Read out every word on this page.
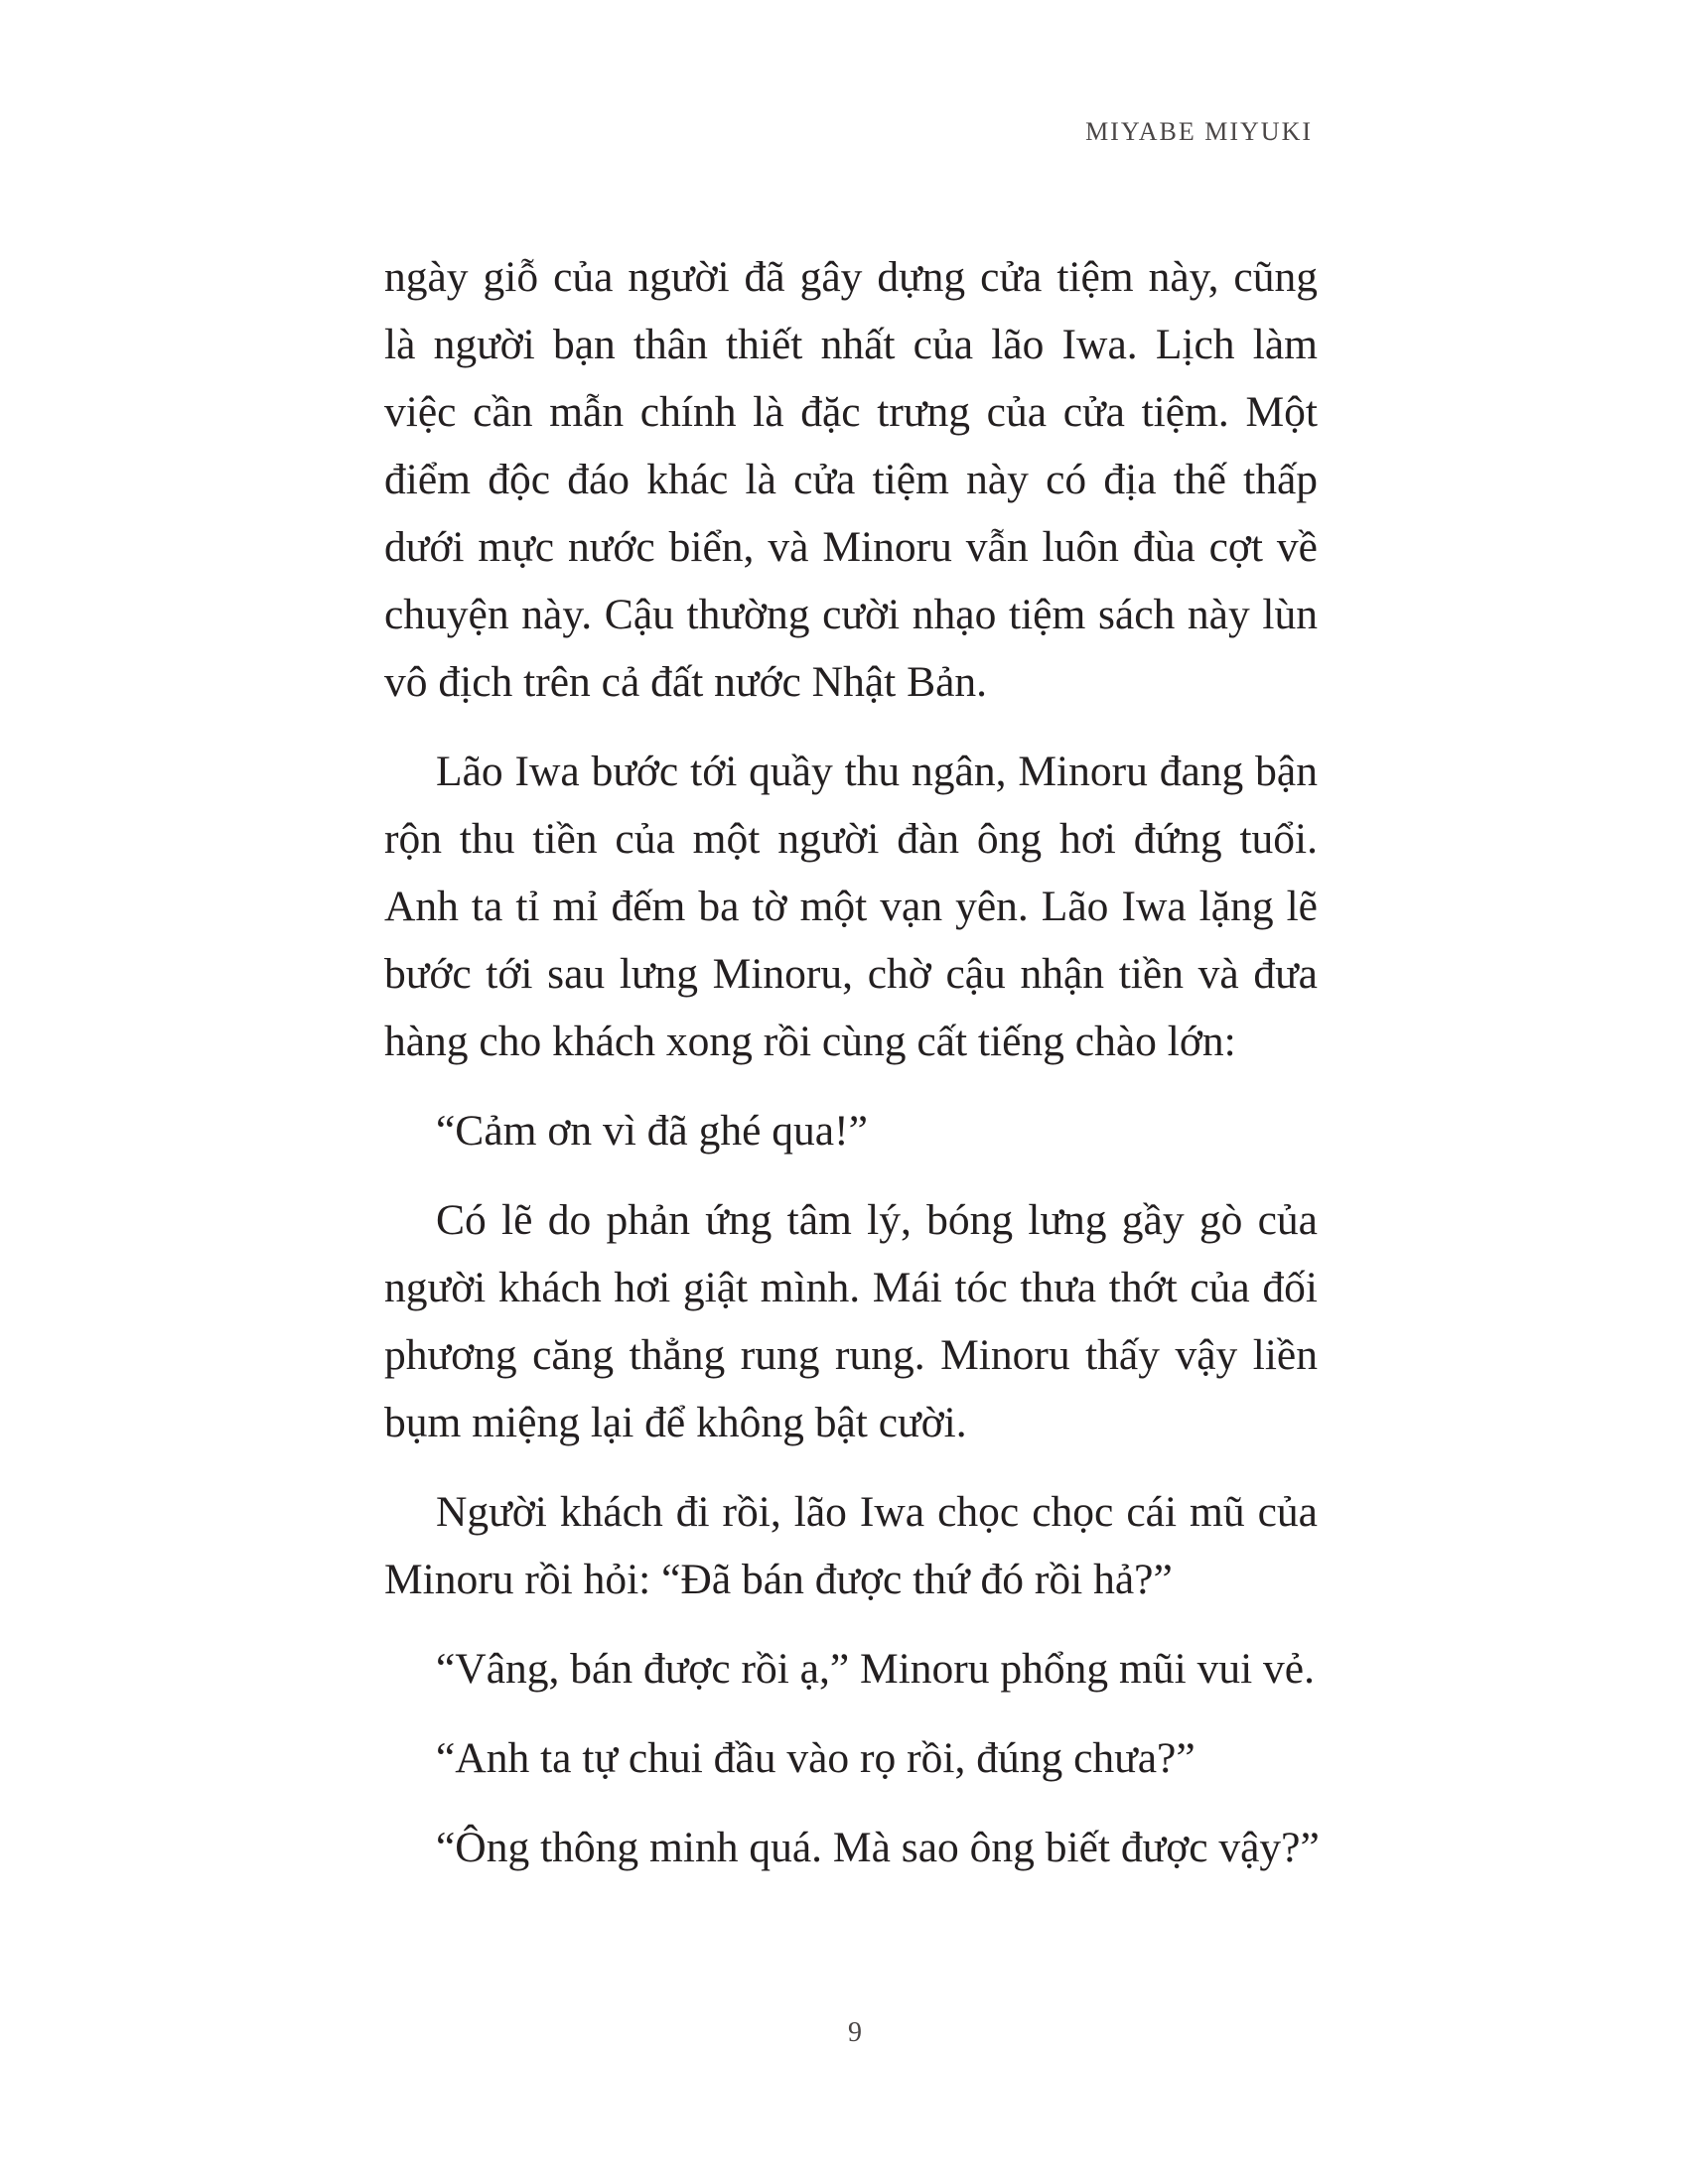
MIYABE MIYUKI
ngày giỗ của người đã gây dựng cửa tiệm này, cũng
là người bạn thân thiết nhất của lão Iwa. Lịch làm
việc cần mẫn chính là đặc trưng của cửa tiệm. Một
điểm độc đáo khác là cửa tiệm này có địa thế thấp
dưới mực nước biển, và Minoru vẫn luôn đùa cợt về
chuyện này. Cậu thường cười nhạo tiệm sách này lùn
vô địch trên cả đất nước Nhật Bản.
Lão Iwa bước tới quầy thu ngân, Minoru đang bận
rộn thu tiền của một người đàn ông hơi đứng tuổi.
Anh ta tỉ mỉ đếm ba tờ một vạn yên. Lão Iwa lặng lẽ
bước tới sau lưng Minoru, chờ cậu nhận tiền và đưa
hàng cho khách xong rồi cùng cất tiếng chào lớn:
“Cảm ơn vì đã ghé qua!”
Có lẽ do phản ứng tâm lý, bóng lưng gầy gò của
người khách hơi giật mình. Mái tóc thưa thớt của đối
phương căng thẳng rung rung. Minoru thấy vậy liền
bụm miệng lại để không bật cười.
Người khách đi rồi, lão Iwa chọc chọc cái mũ của
Minoru rồi hỏi: “Đã bán được thứ đó rồi hả?”
“Vâng, bán được rồi ạ,” Minoru phổng mũi vui vẻ.
“Anh ta tự chui đầu vào rọ rồi, đúng chưa?”
“Ông thông minh quá. Mà sao ông biết được vậy?”
9
